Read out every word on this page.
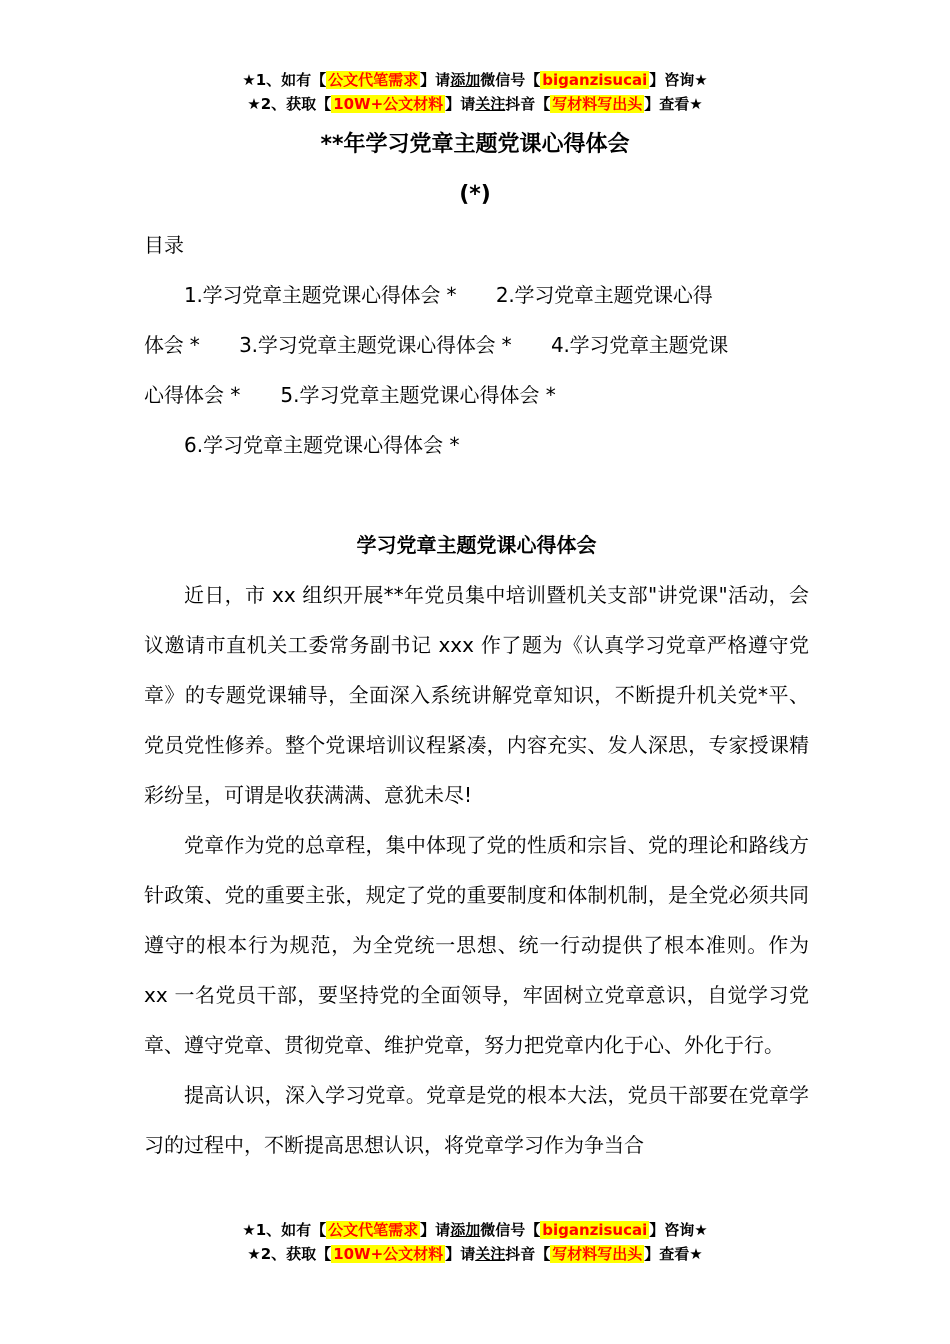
★1、如有【 公文代笔需求 】请添加微信号【 biganzisucai 】咨询★
★2、获取【 10W+公文材料 】请关注抖音【 写材料写出头 】查看★
**年学习党章主题党课心得体会
(*)

目录

1.学习党章主题党课心得体会 *　　2.学习党章主题党课心得

体会 *　　3.学习党章主题党课心得体会 *　　4.学习党章主题党课

心得体会 *　　5.学习党章主题党课心得体会 *

6.学习党章主题党课心得体会 *

学习党章主题党课心得体会

近日，市 xx 组织开展**年党员集中培训暨机关支部"讲党课"活动，会议邀请市直机关工委常务副书记 xxx 作了题为《认真学习党章严格遵守党章》的专题党课辅导，全面深入系统讲解党章知识，不断提升机关党*平、党员党性修养。整个党课培训议程紧凑，内容充实、发人深思，专家授课精彩纷呈，可谓是收获满满、意犹未尽!

党章作为党的总章程，集中体现了党的性质和宗旨、党的理论和路线方针政策、党的重要主张，规定了党的重要制度和体制机制，是全党必须共同遵守的根本行为规范，为全党统一思想、统一行动提供了根本准则。作为 xx 一名党员干部，要坚持党的全面领导，牢固树立党章意识，自觉学习党章、遵守党章、贯彻党章、维护党章，努力把党章内化于心、外化于行。

提高认识，深入学习党章。党章是党的根本大法，党员干部要在党章学习的过程中，不断提高思想认识，将党章学习作为争当合

★1、如有【 公文代笔需求 】请添加微信号【 biganzisucai 】咨询★
★2、获取【 10W+公文材料 】请关注抖音【 写材料写出头 】查看★
